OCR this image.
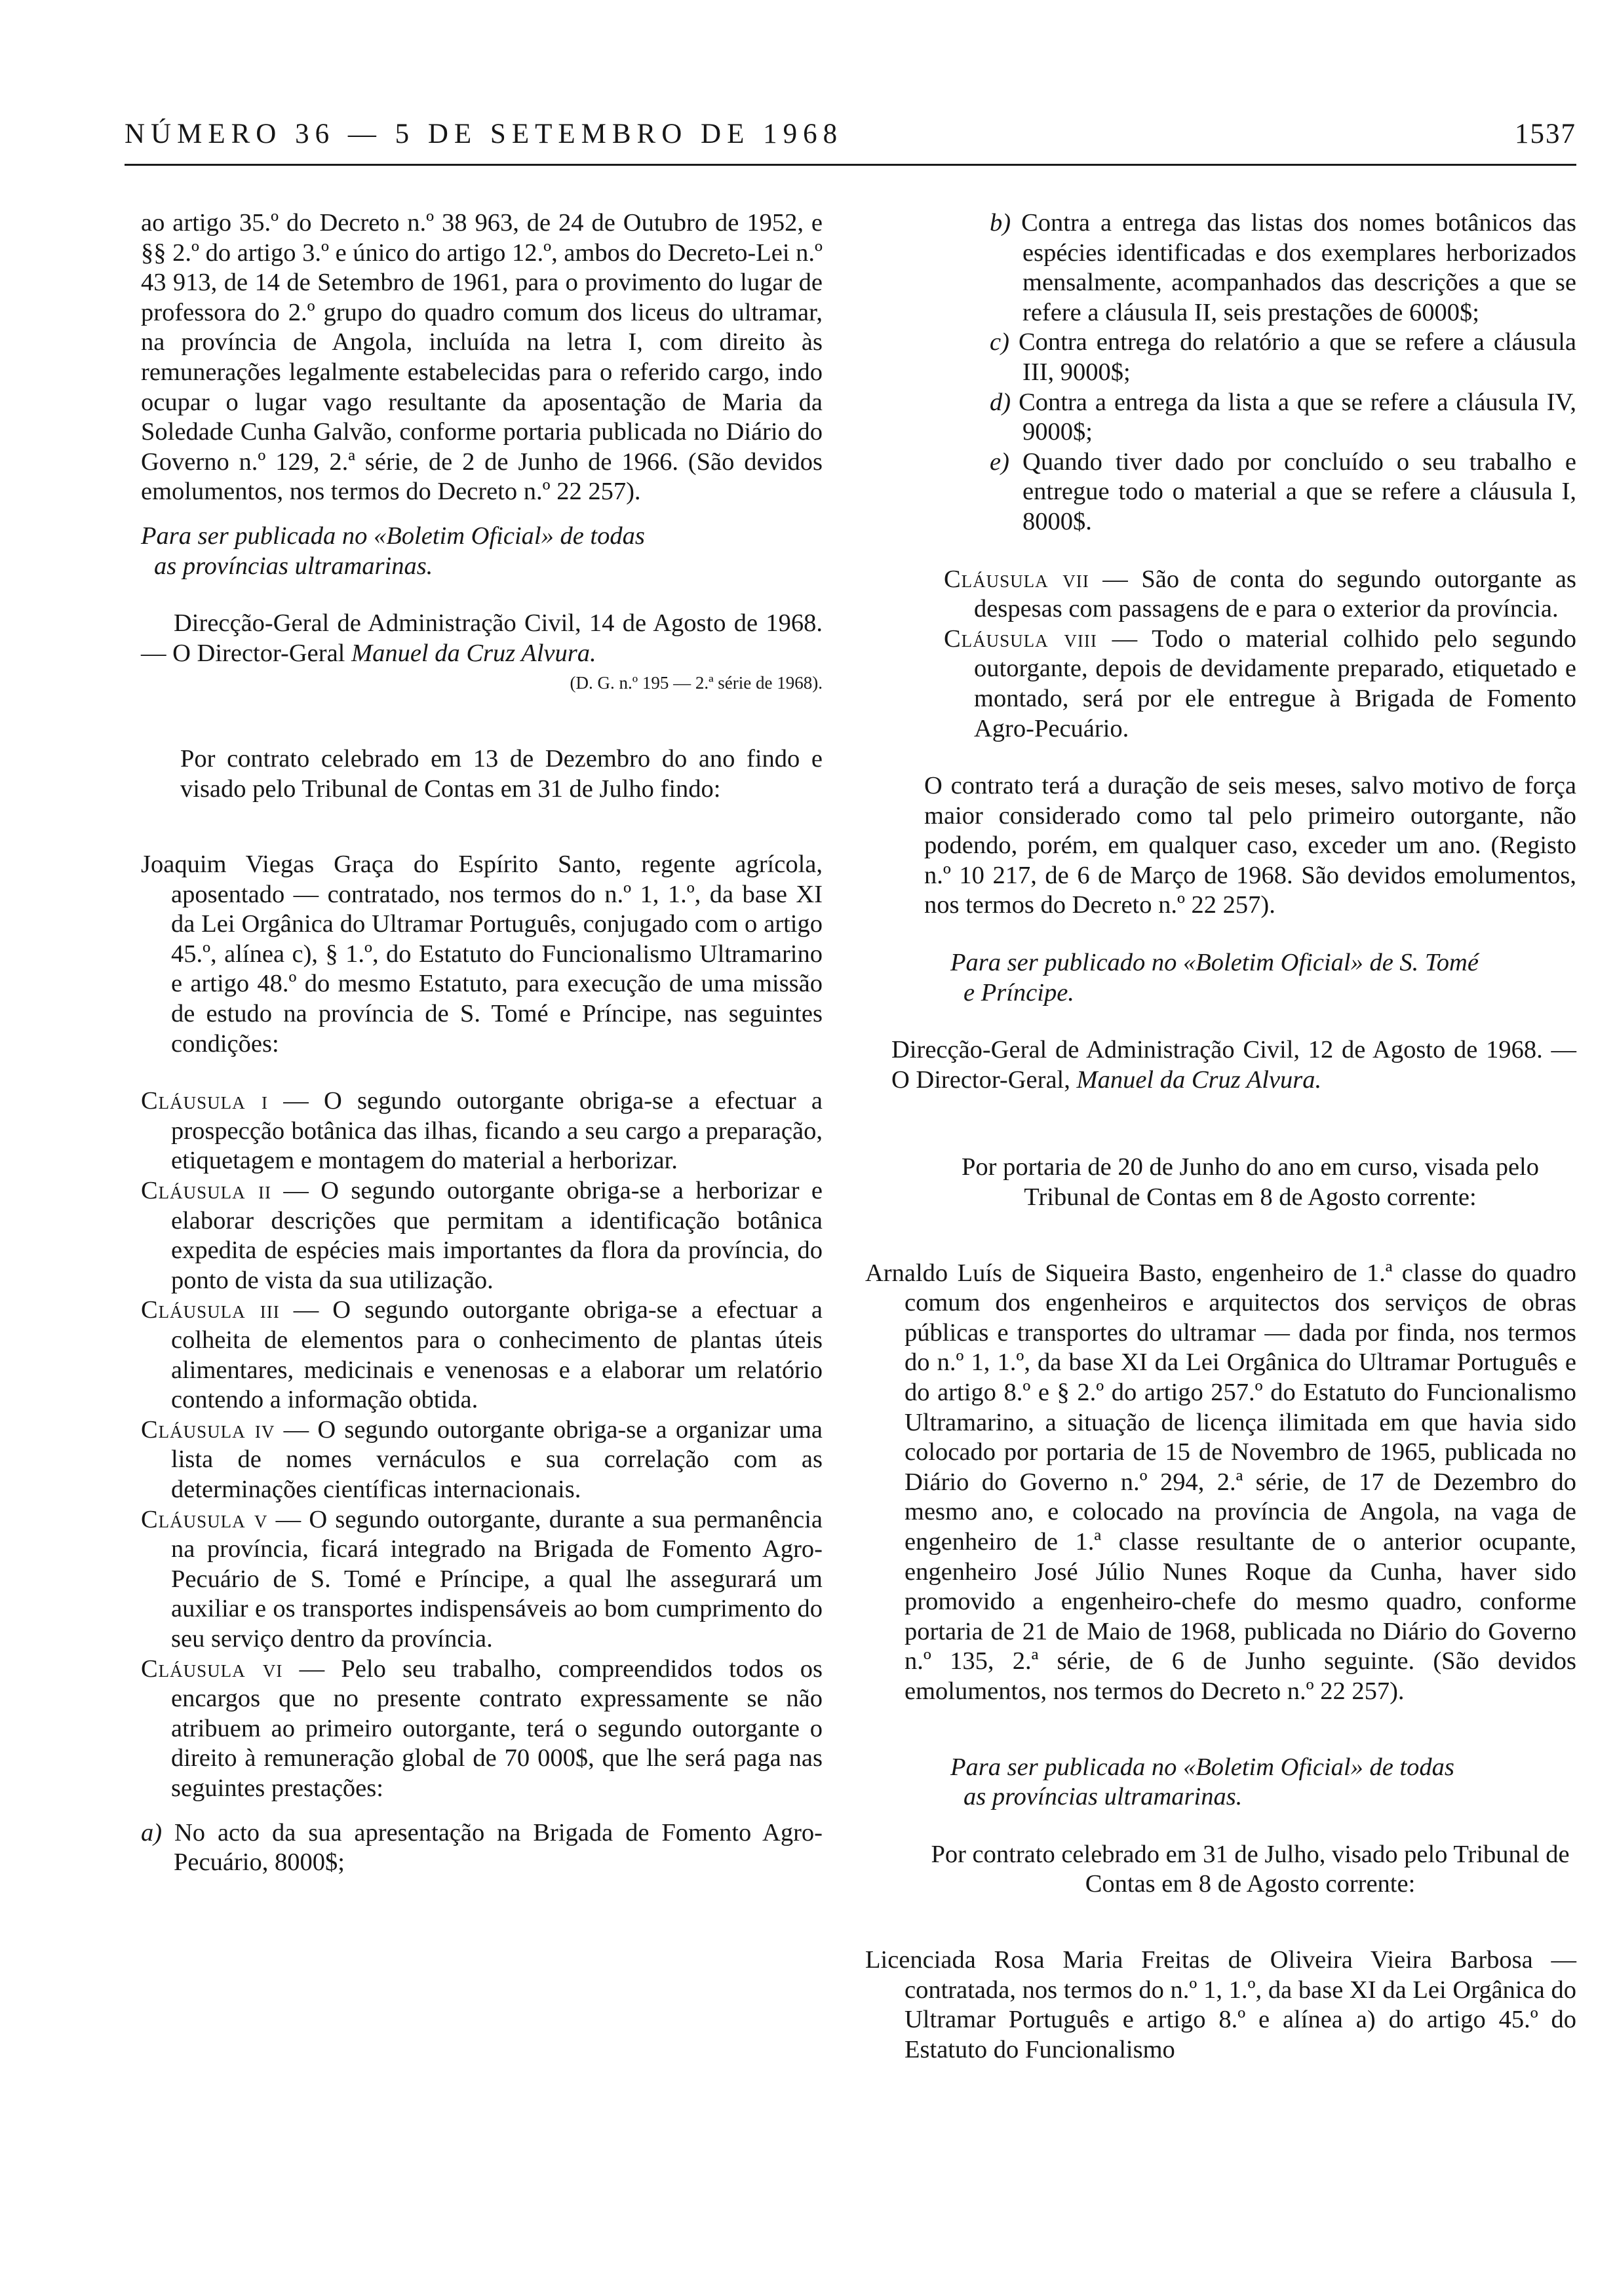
NÚMERO 36 — 5 DE SETEMBRO DE 1968	1537

ao artigo 35.º do Decreto n.º 38 963, de 24 de Outubro de 1952, e §§ 2.º do artigo 3.º e único do artigo 12.º, ambos do Decreto-Lei n.º 43 913, de 14 de Setembro de 1961, para o provimento do lugar de professora do 2.º grupo do quadro comum dos liceus do ultramar, na província de Angola, incluída na letra I, com direito às remunerações legalmente estabelecidas para o referido cargo, indo ocupar o lugar vago resultante da aposentação de Maria da Soledade Cunha Galvão, conforme portaria publicada no Diário do Governo n.º 129, 2.ª série, de 2 de Junho de 1966. (São devidos emolumentos, nos termos do Decreto n.º 22 257).

Para ser publicada no «Boletim Oficial» de todas
as províncias ultramarinas.

Direcção-Geral de Administração Civil, 14 de Agosto de 1968. — O Director-Geral Manuel da Cruz Alvura.

(D. G. n.º 195 — 2.ª série de 1968).

Por contrato celebrado em 13 de Dezembro do ano findo e visado pelo Tribunal de Contas em 31 de Julho findo:

Joaquim Viegas Graça do Espírito Santo, regente agrícola, aposentado — contratado, nos termos do n.º 1, 1.º, da base XI da Lei Orgânica do Ultramar Português, conjugado com o artigo 45.º, alínea c), § 1.º, do Estatuto do Funcionalismo Ultramarino e artigo 48.º do mesmo Estatuto, para execução de uma missão de estudo na província de S. Tomé e Príncipe, nas seguintes condições:

Cláusula i — O segundo outorgante obriga-se a efectuar a prospecção botânica das ilhas, ficando a seu cargo a preparação, etiquetagem e montagem do material a herborizar.

Cláusula ii — O segundo outorgante obriga-se a herborizar e elaborar descrições que permitam a identificação botânica expedita de espécies mais importantes da flora da província, do ponto de vista da sua utilização.

Cláusula iii — O segundo outorgante obriga-se a efectuar a colheita de elementos para o conhecimento de plantas úteis alimentares, medicinais e venenosas e a elaborar um relatório contendo a informação obtida.

Cláusula iv — O segundo outorgante obriga-se a organizar uma lista de nomes vernáculos e sua correlação com as determinações científicas internacionais.

Cláusula v — O segundo outorgante, durante a sua permanência na província, ficará integrado na Brigada de Fomento Agro-Pecuário de S. Tomé e Príncipe, a qual lhe assegurará um auxiliar e os transportes indispensáveis ao bom cumprimento do seu serviço dentro da província.

Cláusula vi — Pelo seu trabalho, compreendidos todos os encargos que no presente contrato expressamente se não atribuem ao primeiro outorgante, terá o segundo outorgante o direito à remuneração global de 70 000$, que lhe será paga nas seguintes prestações:

a) No acto da sua apresentação na Brigada de Fomento Agro-Pecuário, 8000$;

b) Contra a entrega das listas dos nomes botânicos das espécies identificadas e dos exemplares herborizados mensalmente, acompanhados das descrições a que se refere a cláusula II, seis prestações de 6000$;

c) Contra entrega do relatório a que se refere a cláusula III, 9000$;

d) Contra a entrega da lista a que se refere a cláusula IV, 9000$;

e) Quando tiver dado por concluído o seu trabalho e entregue todo o material a que se refere a cláusula I, 8000$.

Cláusula vii — São de conta do segundo outorgante as despesas com passagens de e para o exterior da província.

Cláusula viii — Todo o material colhido pelo segundo outorgante, depois de devidamente preparado, etiquetado e montado, será por ele entregue à Brigada de Fomento Agro-Pecuário.

O contrato terá a duração de seis meses, salvo motivo de força maior considerado como tal pelo primeiro outorgante, não podendo, porém, em qualquer caso, exceder um ano. (Registo n.º 10 217, de 6 de Março de 1968. São devidos emolumentos, nos termos do Decreto n.º 22 257).

Para ser publicado no «Boletim Oficial» de S. Tomé
e Príncipe.

Direcção-Geral de Administração Civil, 12 de Agosto de 1968. — O Director-Geral, Manuel da Cruz Alvura.

Por portaria de 20 de Junho do ano em curso, visada pelo Tribunal de Contas em 8 de Agosto corrente:

Arnaldo Luís de Siqueira Basto, engenheiro de 1.ª classe do quadro comum dos engenheiros e arquitectos dos serviços de obras públicas e transportes do ultramar — dada por finda, nos termos do n.º 1, 1.º, da base XI da Lei Orgânica do Ultramar Português e do artigo 8.º e § 2.º do artigo 257.º do Estatuto do Funcionalismo Ultramarino, a situação de licença ilimitada em que havia sido colocado por portaria de 15 de Novembro de 1965, publicada no Diário do Governo n.º 294, 2.ª série, de 17 de Dezembro do mesmo ano, e colocado na província de Angola, na vaga de engenheiro de 1.ª classe resultante de o anterior ocupante, engenheiro José Júlio Nunes Roque da Cunha, haver sido promovido a engenheiro-chefe do mesmo quadro, conforme portaria de 21 de Maio de 1968, publicada no Diário do Governo n.º 135, 2.ª série, de 6 de Junho seguinte. (São devidos emolumentos, nos termos do Decreto n.º 22 257).

Para ser publicada no «Boletim Oficial» de todas
as províncias ultramarinas.

Por contrato celebrado em 31 de Julho, visado pelo Tribunal de Contas em 8 de Agosto corrente:

Licenciada Rosa Maria Freitas de Oliveira Vieira Barbosa — contratada, nos termos do n.º 1, 1.º, da base XI da Lei Orgânica do Ultramar Português e artigo 8.º e alínea a) do artigo 45.º do Estatuto do Funcionalismo
